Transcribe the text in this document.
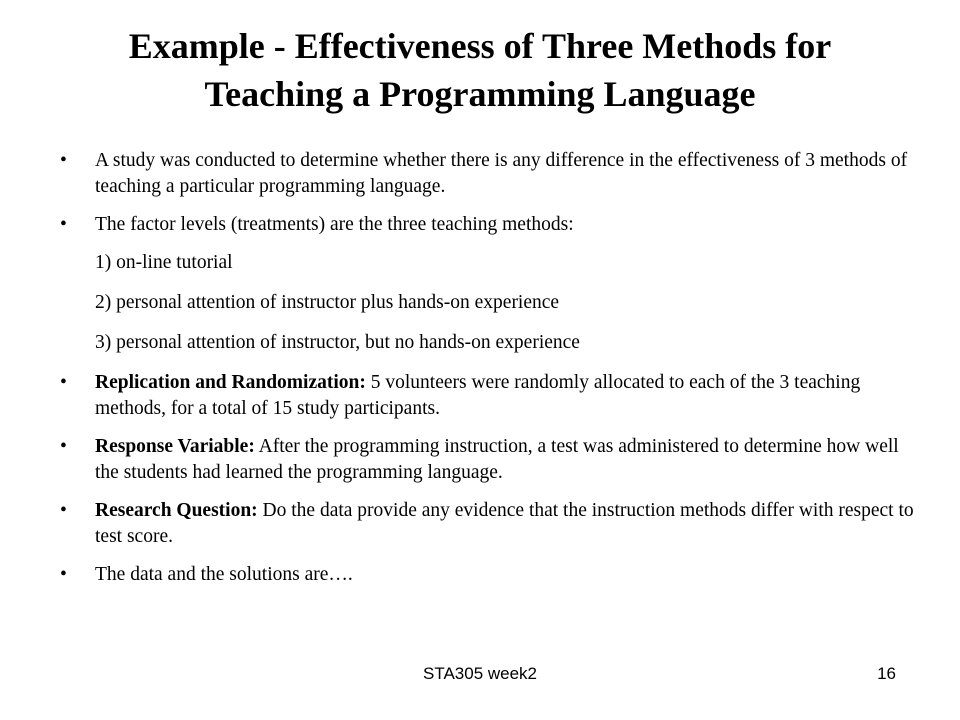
Example - Effectiveness of Three Methods for
Teaching a Programming Language
• A study was conducted to determine whether there is any difference in the effectiveness of 3 methods of teaching a particular programming language.
• The factor levels (treatments) are the three teaching methods:
1) on-line tutorial
2) personal attention of instructor plus hands-on experience
3) personal attention of instructor, but no hands-on experience
• Replication and Randomization: 5 volunteers were randomly allocated to each of the 3 teaching methods, for a total of 15 study participants.
• Response Variable: After the programming instruction, a test was administered to determine how well the students had learned the programming language.
• Research Question: Do the data provide any evidence that the instruction methods differ with respect to test score.
• The data and the solutions are….
STA305 week2	16
